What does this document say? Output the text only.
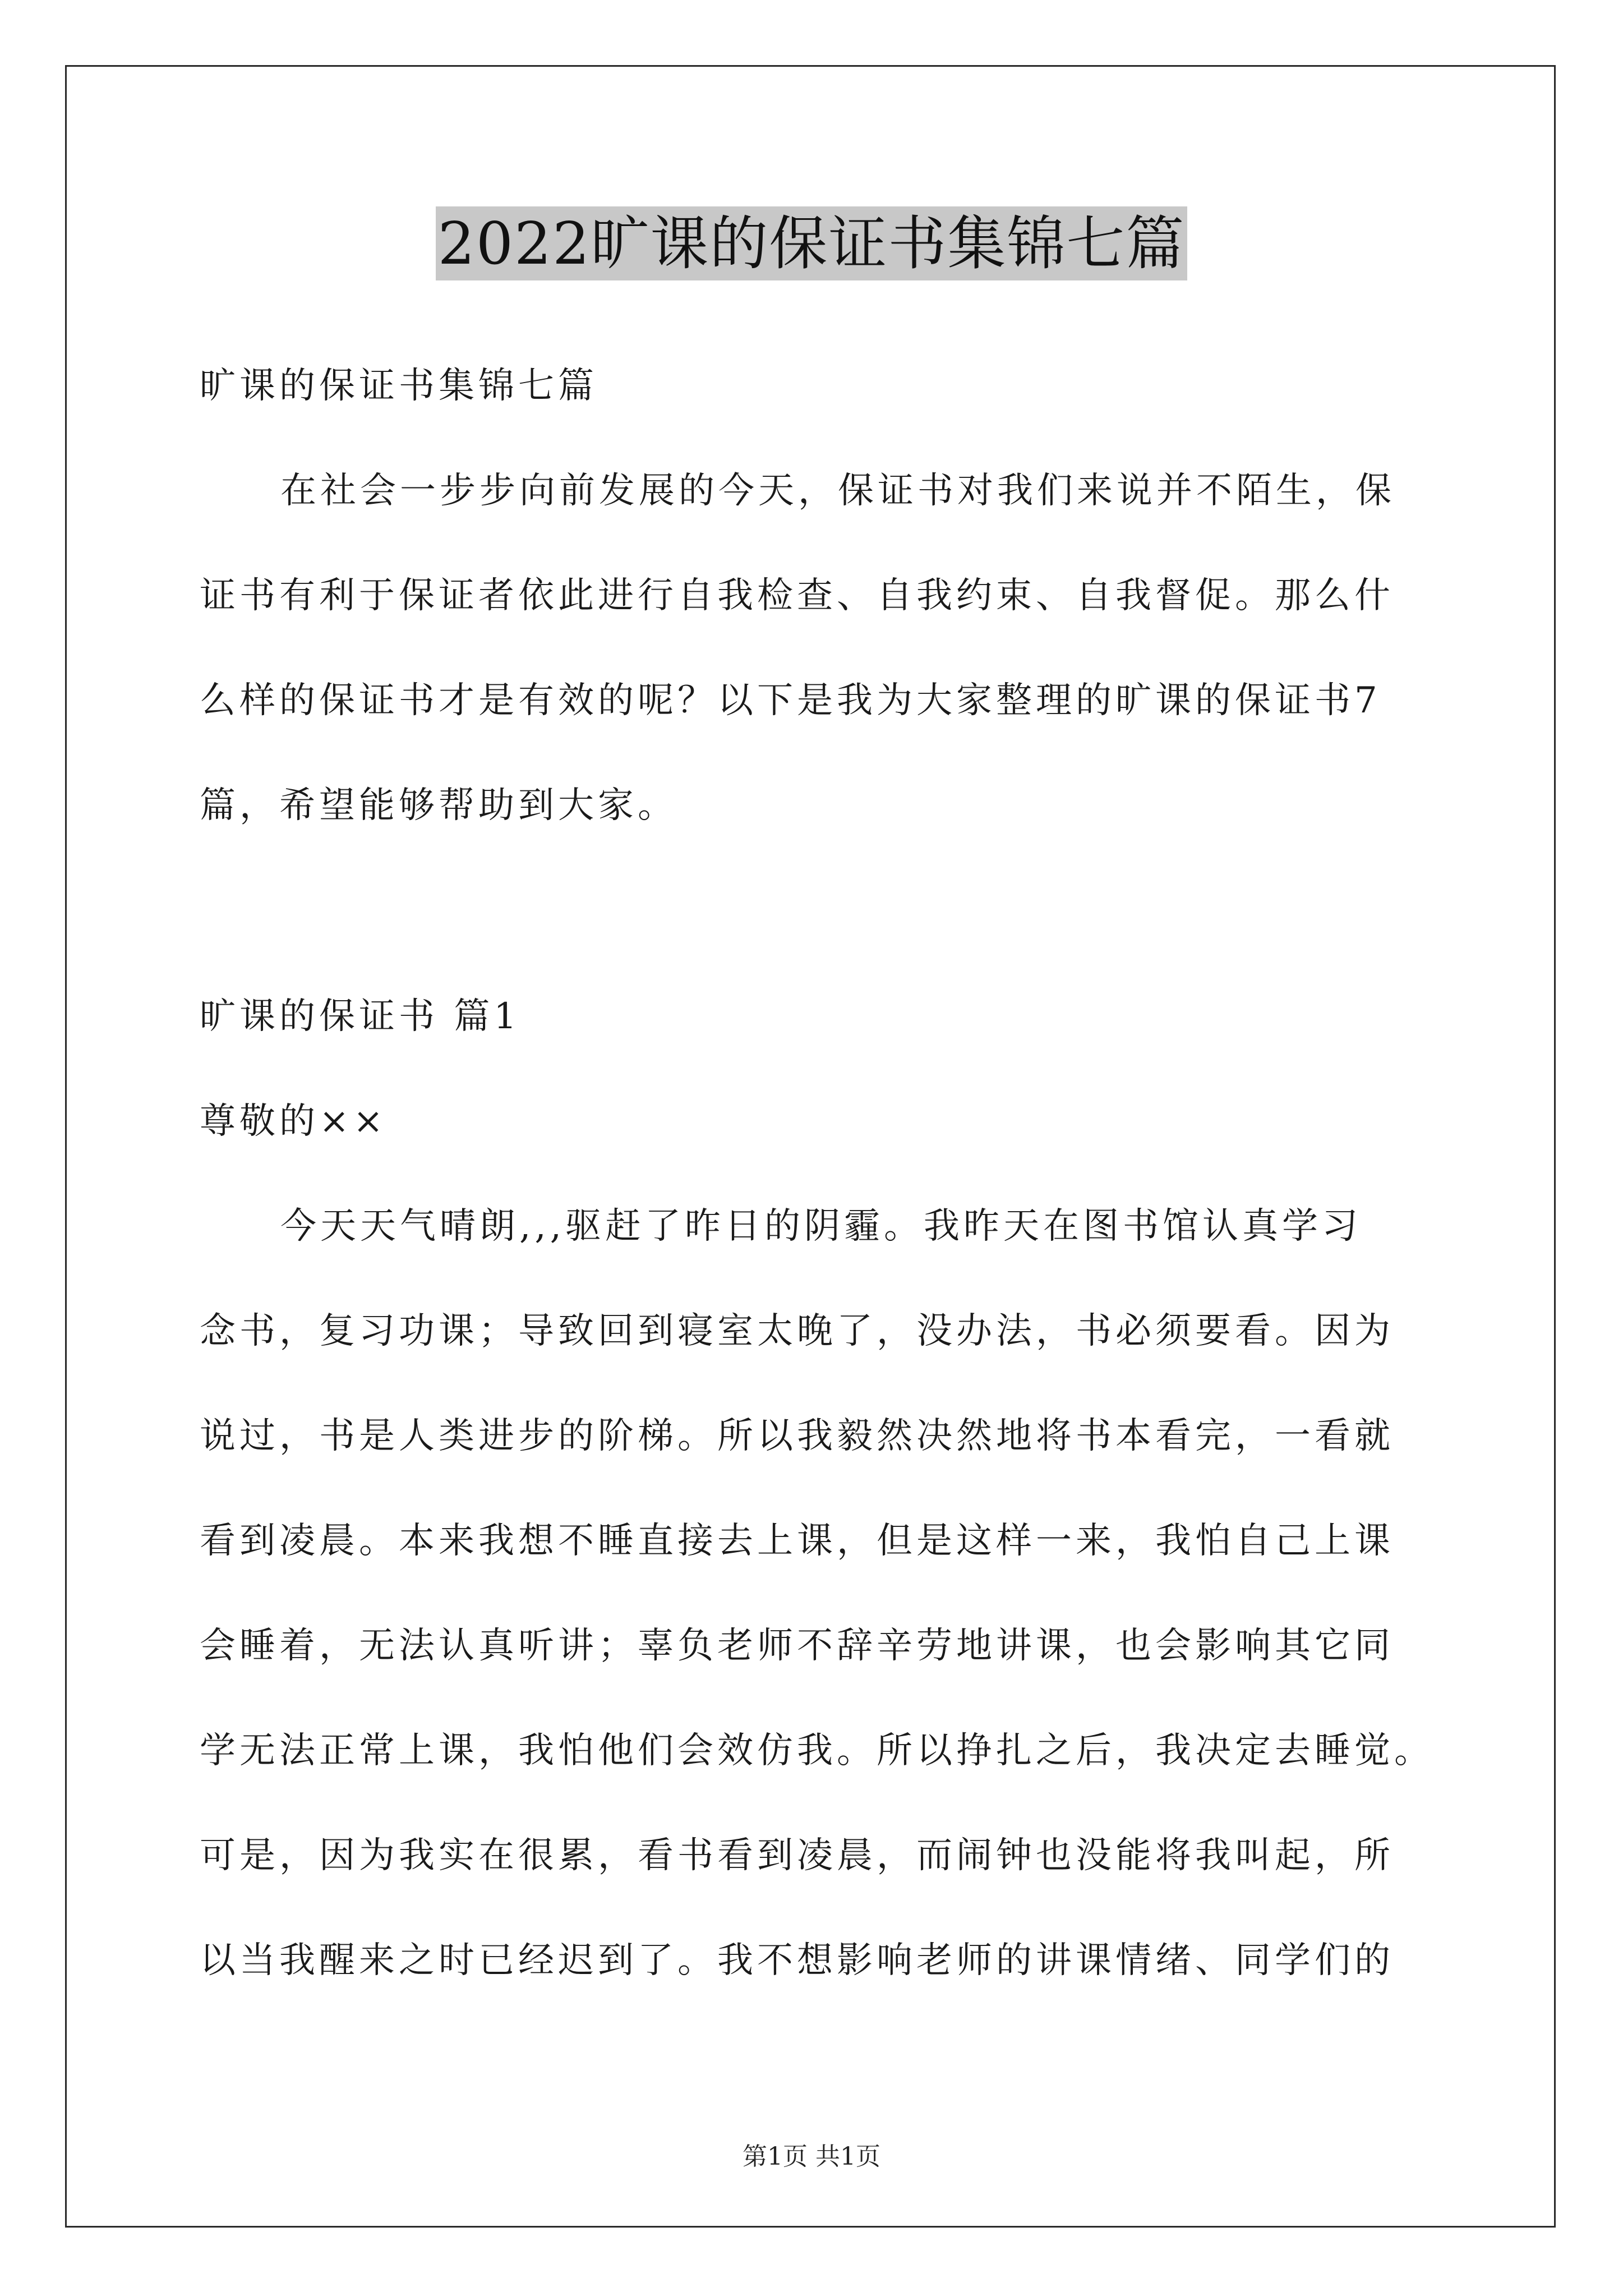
2022旷课的保证书集锦七篇
旷课的保证书集锦七篇
在社会一步步向前发展的今天，保证书对我们来说并不陌生，保
证书有利于保证者依此进行自我检查、自我约束、自我督促。那么什
么样的保证书才是有效的呢？以下是我为大家整理的旷课的保证书7
篇，希望能够帮助到大家。
旷课的保证书 篇1
尊敬的××
今天天气晴朗,,,驱赶了昨日的阴霾。我昨天在图书馆认真学习
念书，复习功课；导致回到寝室太晚了，没办法，书必须要看。因为
说过，书是人类进步的阶梯。所以我毅然决然地将书本看完，一看就
看到凌晨。本来我想不睡直接去上课，但是这样一来，我怕自己上课
会睡着，无法认真听讲；辜负老师不辞辛劳地讲课，也会影响其它同
学无法正常上课，我怕他们会效仿我。所以挣扎之后，我决定去睡觉。
可是，因为我实在很累，看书看到凌晨，而闹钟也没能将我叫起，所
以当我醒来之时已经迟到了。我不想影响老师的讲课情绪、同学们的
第1页 共1页
